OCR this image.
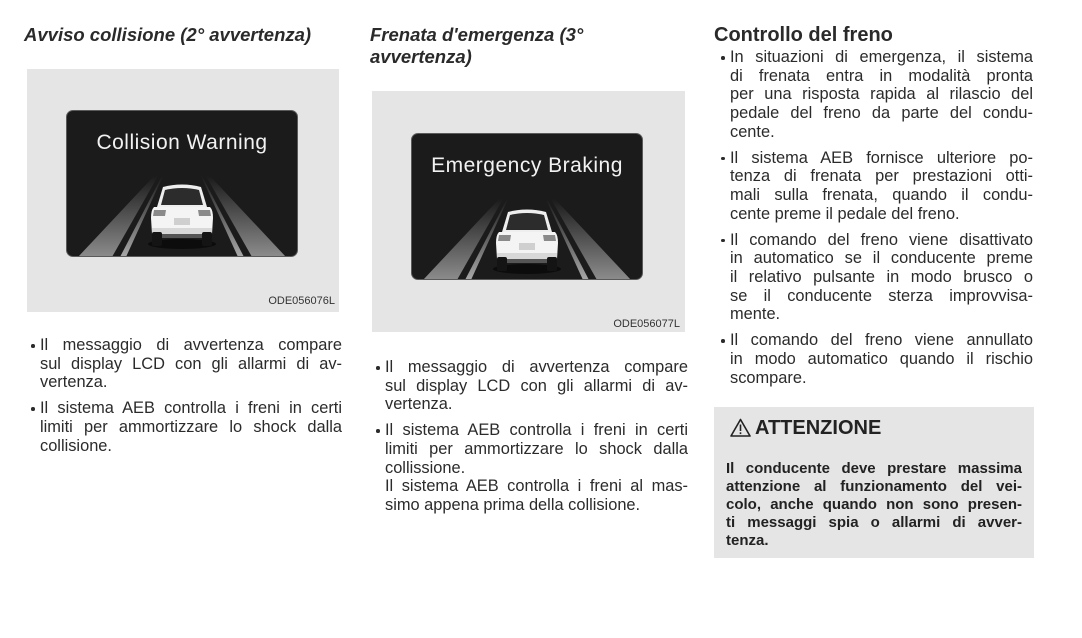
Avviso collisione (2° avvertenza)
Collision Warning
ODE056076L
Il messaggio di avvertenza compare
sul display LCD con gli allarmi di av-
vertenza.
Il sistema AEB controlla i freni in certi
limiti per ammortizzare lo shock dalla
collisione.
Frenata d'emergenza (3°
avvertenza)
Emergency Braking
ODE056077L
Il messaggio di avvertenza compare
sul display LCD con gli allarmi di av-
vertenza.
Il sistema AEB controlla i freni in certi
limiti per ammortizzare lo shock dalla
collissione.
Il sistema AEB controlla i freni al mas-
simo appena prima della collisione.
Controllo del freno
In situazioni di emergenza, il sistema
di frenata entra in modalità pronta
per una risposta rapida al rilascio del
pedale del freno da parte del condu-
cente.
Il sistema AEB fornisce ulteriore po-
tenza di frenata per prestazioni otti-
mali sulla frenata, quando il condu-
cente preme il pedale del freno.
Il comando del freno viene disattivato
in automatico se il conducente preme
il relativo pulsante in modo brusco o
se il conducente sterza improvvisa-
mente.
Il comando del freno viene annullato
in modo automatico quando il rischio
scompare.
ATTENZIONE
Il conducente deve prestare massima
attenzione al funzionamento del vei-
colo, anche quando non sono presen-
ti messaggi spia o allarmi di avver-
tenza.
